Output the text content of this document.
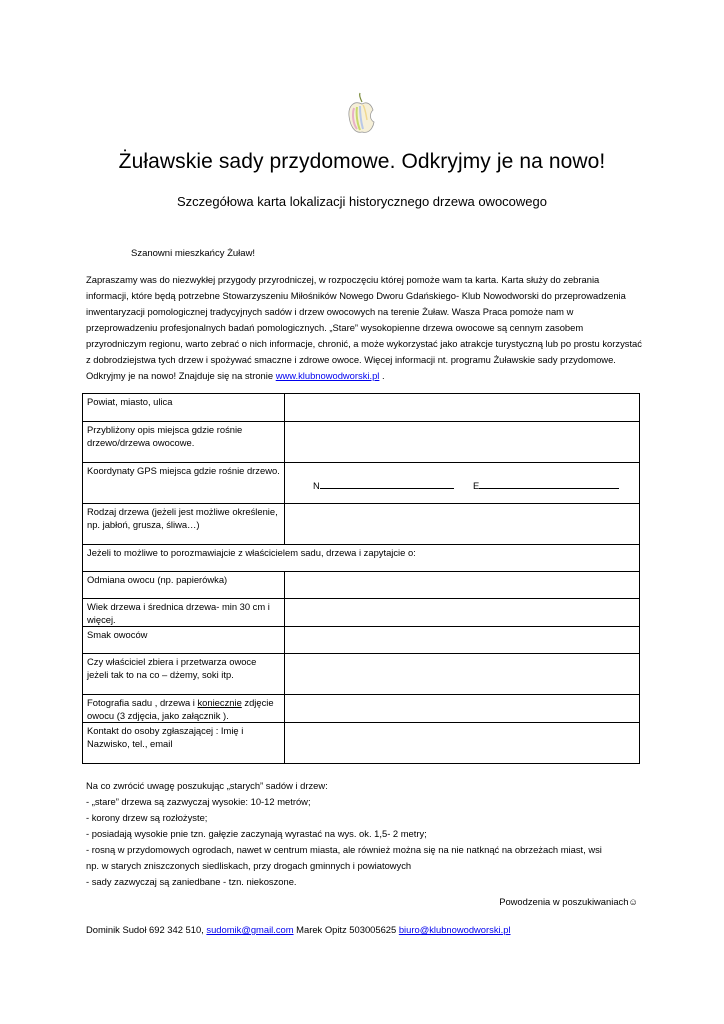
Żuławskie sady przydomowe. Odkryjmy je na nowo!
Szczegółowa karta lokalizacji historycznego drzewa owocowego
Szanowni mieszkańcy Żuław!
Zapraszamy was do niezwykłej przygody przyrodniczej, w rozpoczęciu której pomoże wam ta karta. Karta służy do zebrania informacji, które będą potrzebne Stowarzyszeniu Miłośników Nowego Dworu Gdańskiego- Klub Nowodworski do przeprowadzenia inwentaryzacji pomologicznej tradycyjnych sadów i drzew owocowych na terenie Żuław. Wasza Praca pomoże nam w przeprowadzeniu profesjonalnych badań pomologicznych. „Stare” wysokopienne drzewa owocowe są cennym zasobem przyrodniczym regionu, warto zebrać o nich informacje, chronić, a może wykorzystać jako atrakcje turystyczną lub po prostu korzystać z dobrodziejstwa tych drzew i spożywać smaczne i zdrowe owoce. Więcej informacji nt. programu Żuławskie sady przydomowe. Odkryjmy je na nowo! Znajduje się na stronie www.klubnowodworski.pl .
Powiat, miasto, ulica	
Przybliżony opis miejsca gdzie rośnie drzewo/drzewa owocowe.	
Koordynaty GPS miejsca gdzie rośnie drzewo.	N E
Rodzaj drzewa (jeżeli jest możliwe określenie, np. jabłoń, grusza, śliwa…)	
Jeżeli to możliwe to porozmawiajcie z właścicielem sadu, drzewa i zapytajcie o:	
Odmiana owocu (np. papierówka)	
Wiek drzewa i średnica drzewa- min 30 cm i więcej.	
Smak owoców	
Czy właściciel zbiera i przetwarza owoce jeżeli tak to na co – dżemy, soki itp.	
Fotografia sadu , drzewa i koniecznie zdjęcie owocu (3 zdjęcia, jako załącznik ).	
Kontakt do osoby zgłaszającej : Imię i Nazwisko, tel., email	
Na co zwrócić uwagę poszukując „starych” sadów i drzew:
- „stare” drzewa są zazwyczaj wysokie: 10-12 metrów;
- korony drzew są rozłożyste;
- posiadają wysokie pnie tzn. gałęzie zaczynają wyrastać na wys. ok. 1,5- 2 metry;
- rosną w przydomowych ogrodach, nawet w centrum miasta, ale również można się na nie natknąć na obrzeżach miast, wsi
np. w starych zniszczonych siedliskach, przy drogach gminnych i powiatowych
- sady zazwyczaj są zaniedbane - tzn. niekoszone.
Powodzenia w poszukiwaniach☺
Dominik Sudoł 692 342 510, sudomik@gmail.com Marek Opitz 503005625 biuro@klubnowodworski.pl
